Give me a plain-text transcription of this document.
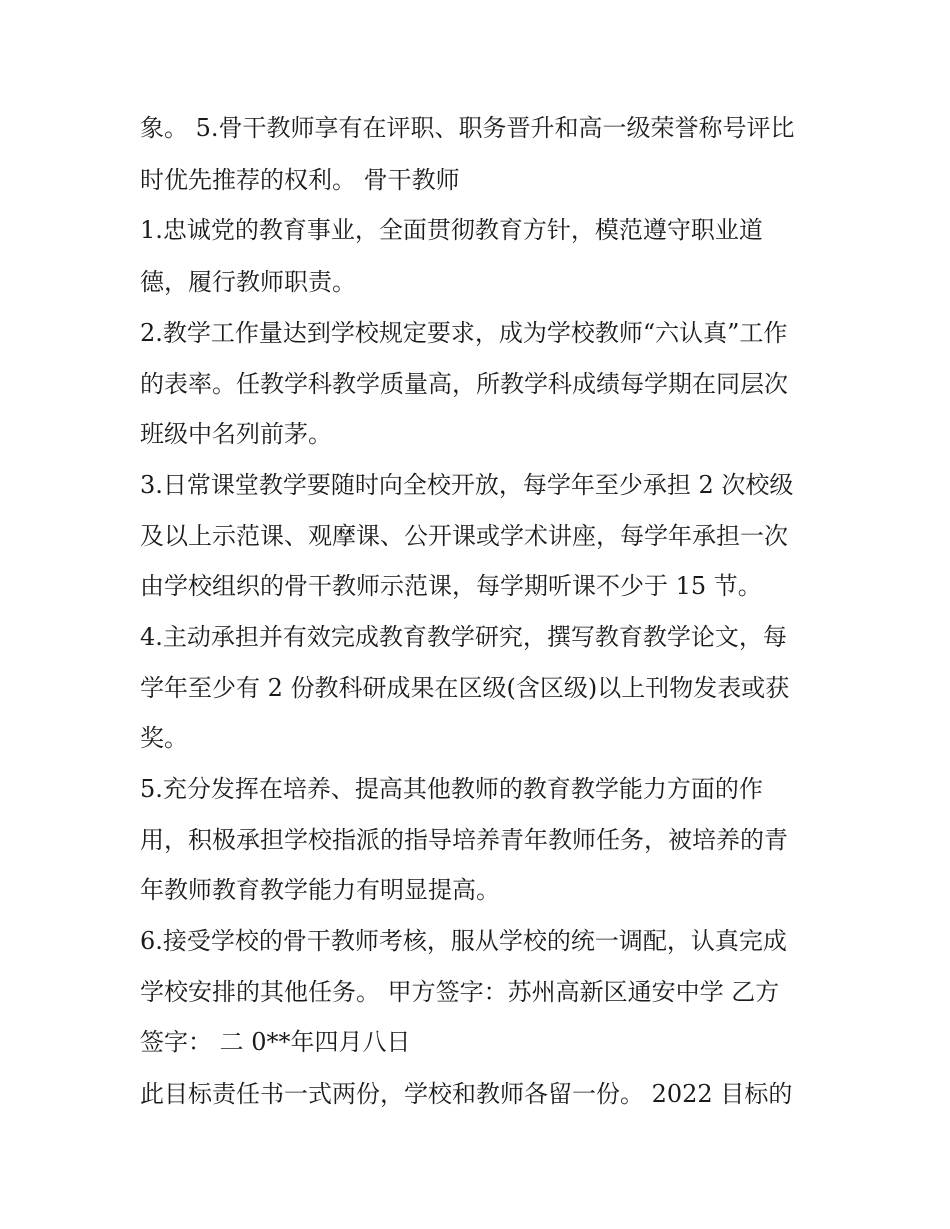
象。 5.骨干教师享有在评职、职务晋升和高一级荣誉称号评比
时优先推荐的权利。 骨干教师
1.忠诚党的教育事业，全面贯彻教育方针，模范遵守职业道
德，履行教师职责。
2.教学工作量达到学校规定要求，成为学校教师“六认真”工作
的表率。任教学科教学质量高，所教学科成绩每学期在同层次
班级中名列前茅。
3.日常课堂教学要随时向全校开放，每学年至少承担 2 次校级
及以上示范课、观摩课、公开课或学术讲座，每学年承担一次
由学校组织的骨干教师示范课，每学期听课不少于 15 节。
4.主动承担并有效完成教育教学研究，撰写教育教学论文，每
学年至少有 2 份教科研成果在区级(含区级)以上刊物发表或获
奖。
5.充分发挥在培养、提高其他教师的教育教学能力方面的作
用，积极承担学校指派的指导培养青年教师任务，被培养的青
年教师教育教学能力有明显提高。
6.接受学校的骨干教师考核，服从学校的统一调配，认真完成
学校安排的其他任务。 甲方签字：苏州高新区通安中学 乙方
签字： 二 0**年四月八日
此目标责任书一式两份，学校和教师各留一份。 2022 目标的
